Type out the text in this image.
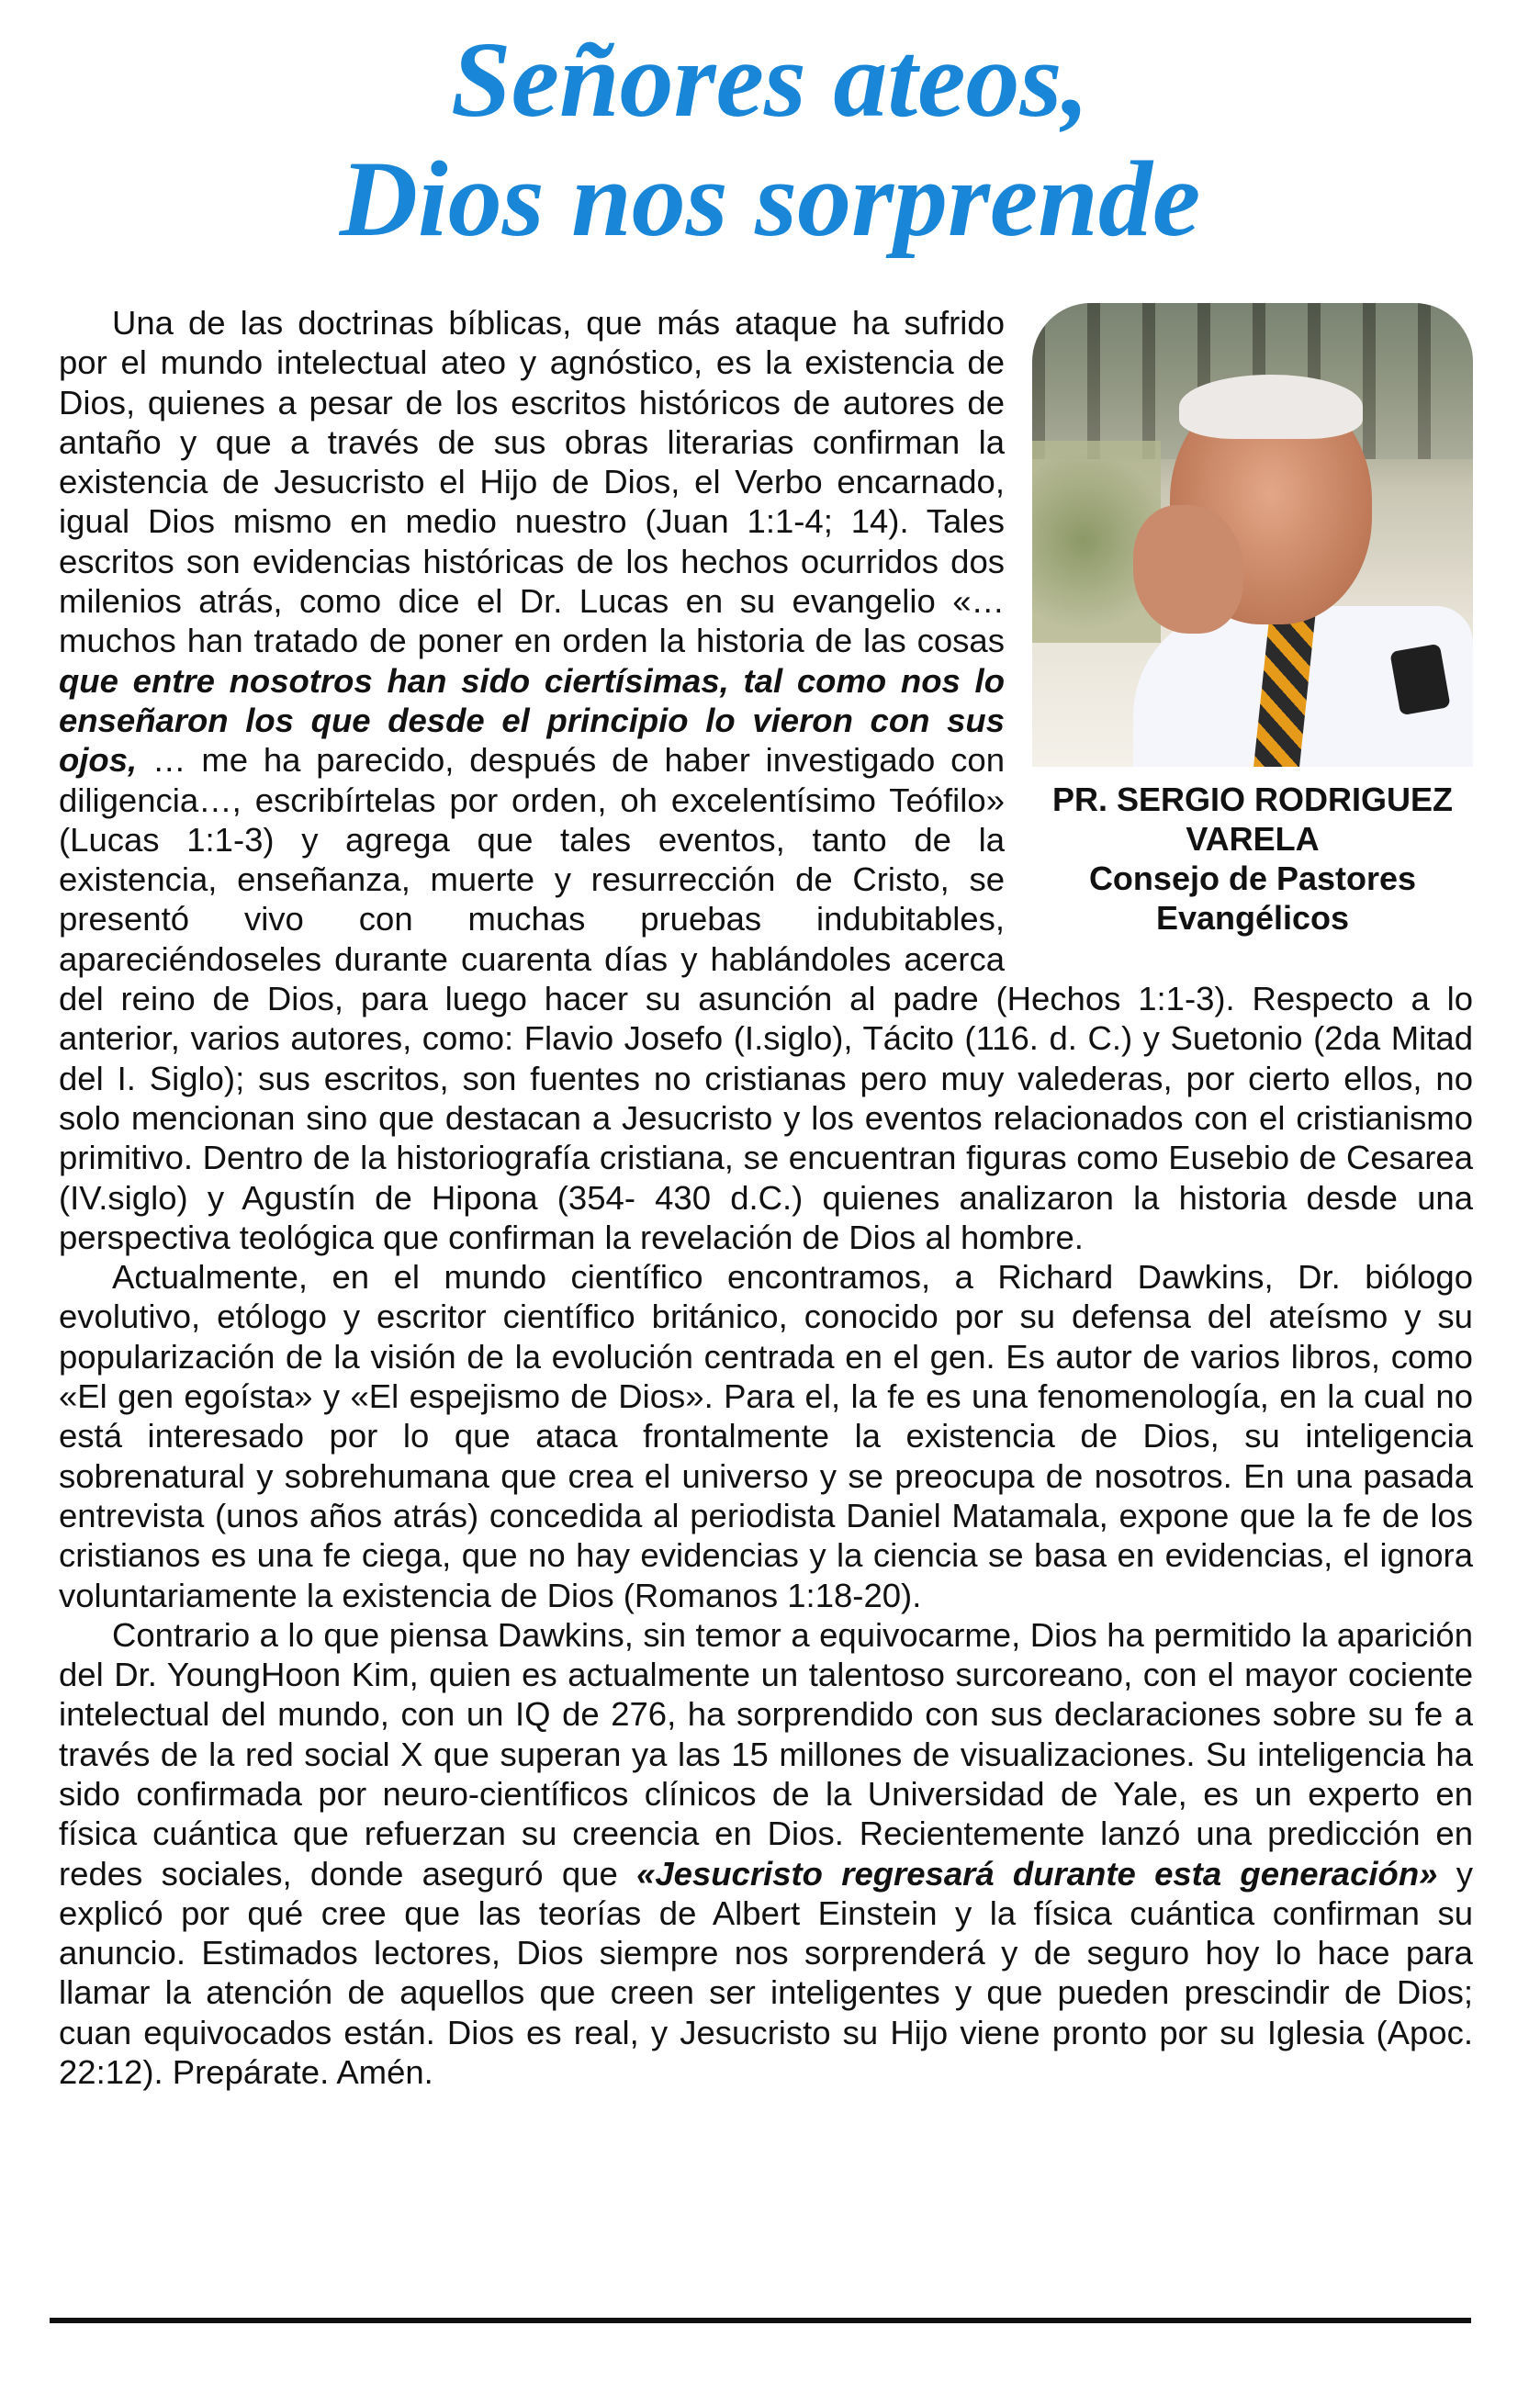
Señores ateos,
Dios nos sorprende
PR. SERGIO RODRIGUEZ
VARELA
Consejo de Pastores
Evangélicos

Una de las doctrinas bíblicas, que más ataque ha sufrido por el mundo intelectual ateo y agnóstico, es la existencia de Dios, quienes a pesar de los escritos históricos de autores de antaño y que a través de sus obras literarias confirman la existencia de Jesucristo el Hijo de Dios, el Verbo encarnado, igual Dios mismo en medio nuestro (Juan 1:1-4; 14). Tales escritos son evidencias históricas de los hechos ocurridos dos milenios atrás, como dice el Dr. Lucas en su evangelio «…muchos han tratado de poner en orden la historia de las cosas que entre nosotros han sido ciertísimas, tal como nos lo enseñaron los que desde el principio lo vieron con sus ojos, … me ha parecido, después de haber investigado con diligencia…, escribírtelas por orden, oh excelentísimo Teófilo» (Lucas 1:1-3) y agrega que tales eventos, tanto de la existencia, enseñanza, muerte y resurrección de Cristo, se presentó vivo con muchas pruebas indubitables, apareciéndoseles durante cuarenta días y hablándoles acerca del reino de Dios, para luego hacer su asunción al padre (Hechos 1:1-3). Respecto a lo anterior, varios autores, como: Flavio Josefo (I.siglo), Tácito (116. d. C.) y Suetonio (2da Mitad del I. Siglo); sus escritos, son fuentes no cristianas pero muy valederas, por cierto ellos, no solo mencionan sino que destacan a Jesucristo y los eventos relacionados con el cristianismo primitivo. Dentro de la historiografía cristiana, se encuentran figuras como Eusebio de Cesarea (IV.siglo) y Agustín de Hipona (354- 430 d.C.) quienes analizaron la historia desde una perspectiva teológica que confirman la revelación de Dios al hombre.

Actualmente, en el mundo científico encontramos, a Richard Dawkins, Dr. biólogo evolutivo, etólogo y escritor científico británico, conocido por su defensa del ateísmo y su popularización de la visión de la evolución centrada en el gen. Es autor de varios libros, como «El gen egoísta» y «El espejismo de Dios». Para el, la fe es una fenomenología, en la cual no está interesado por lo que ataca frontalmente la existencia de Dios, su inteligencia sobrenatural y sobrehumana que crea el universo y se preocupa de nosotros. En una pasada entrevista (unos años atrás) concedida al periodista Daniel Matamala, expone que la fe de los cristianos es una fe ciega, que no hay evidencias y la ciencia se basa en evidencias, el ignora voluntariamente la existencia de Dios (Romanos 1:18-20).

Contrario a lo que piensa Dawkins, sin temor a equivocarme, Dios ha permitido la aparición del Dr. YoungHoon Kim, quien es actualmente un talentoso surcoreano, con el mayor cociente intelectual del mundo, con un IQ de 276, ha sorprendido con sus declaraciones sobre su fe a través de la red social X que superan ya las 15 millones de visualizaciones. Su inteligencia ha sido confirmada por neuro-científicos clínicos de la Universidad de Yale, es un experto en física cuántica que refuerzan su creencia en Dios. Recientemente lanzó una predicción en redes sociales, donde aseguró que «Jesucristo regresará durante esta generación» y explicó por qué cree que las teorías de Albert Einstein y la física cuántica confirman su anuncio. Estimados lectores, Dios siempre nos sorprenderá y de seguro hoy lo hace para llamar la atención de aquellos que creen ser inteligentes y que pueden prescindir de Dios; cuan equivocados están. Dios es real, y Jesucristo su Hijo viene pronto por su Iglesia (Apoc. 22:12). Prepárate. Amén.
